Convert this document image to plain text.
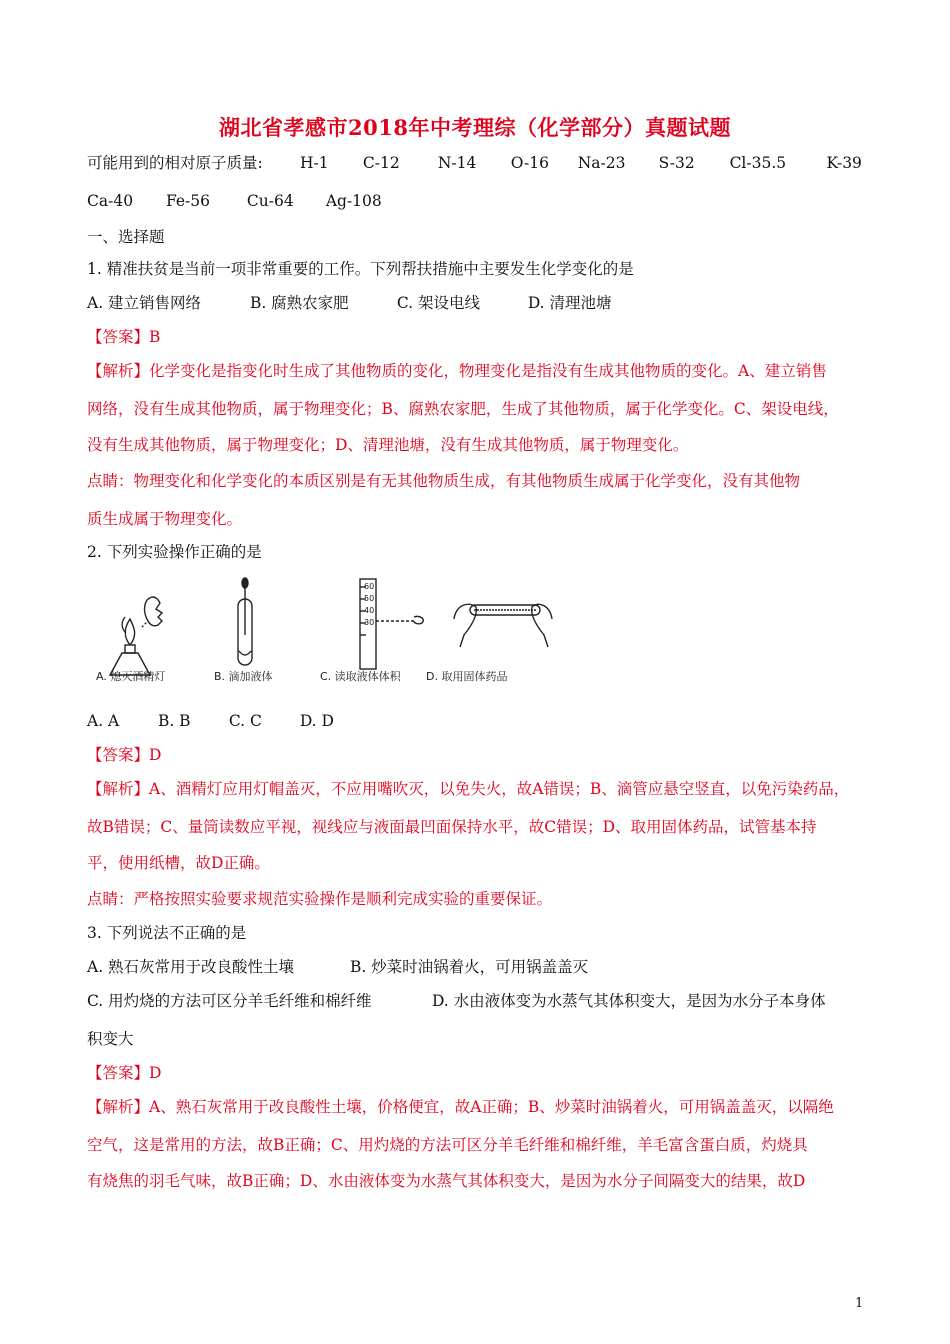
湖北省孝感市2018年中考理综（化学部分）真题试题
可能用到的相对原子质量: H-1 C-12 N-14 O-16 Na-23 S-32 Cl-35.5	K-39
Ca-40 Fe-56 Cu-64 Ag-108
一、选择题
1. 精准扶贫是当前一项非常重要的工作。下列帮扶措施中主要发生化学变化的是
A. 建立销售网络	B. 腐熟农家肥	C. 架设电线	D. 清理池塘
【答案】B
【解析】化学变化是指变化时生成了其他物质的变化，物理变化是指没有生成其他物质的变化。A、建立销售
网络，没有生成其他物质，属于物理变化；B、腐熟农家肥，生成了其他物质，属于化学变化。C、架设电线，
没有生成其他物质，属于物理变化；D、清理池塘，没有生成其他物质，属于物理变化。
点睛：物理变化和化学变化的本质区别是有无其他物质生成，有其他物质生成属于化学变化，没有其他物
质生成属于物理变化。
2. 下列实验操作正确的是
A. 熄灭酒精灯	B. 滴加液体
60
50
40
30
C. 读取液体体积 D. 取用固体药品
A. A B. B C. C D. D
【答案】D
【解析】A、酒精灯应用灯帽盖灭，不应用嘴吹灭，以免失火，故A错误；B、滴管应悬空竖直，以免污染药品，
故B错误；C、量筒读数应平视，视线应与液面最凹面保持水平，故C错误；D、取用固体药品，试管基本持
平，使用纸槽，故D正确。
点睛：严格按照实验要求规范实验操作是顺利完成实验的重要保证。
3. 下列说法不正确的是
A. 熟石灰常用于改良酸性土壤	B. 炒菜时油锅着火，可用锅盖盖灭
C. 用灼烧的方法可区分羊毛纤维和棉纤维	D. 水由液体变为水蒸气其体积变大，是因为水分子本身体
积变大
【答案】D
【解析】A、熟石灰常用于改良酸性土壤，价格便宜，故A正确；B、炒菜时油锅着火，可用锅盖盖灭，以隔绝
空气，这是常用的方法，故B正确；C、用灼烧的方法可区分羊毛纤维和棉纤维，羊毛富含蛋白质，灼烧具
有烧焦的羽毛气味，故B正确；D、水由液体变为水蒸气其体积变大，是因为水分子间隔变大的结果，故D
1
